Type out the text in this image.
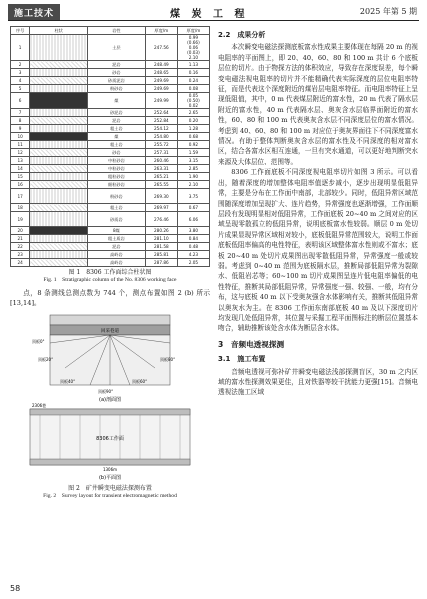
施工技术	煤 炭 工 程	2025 年第 5 期
序号	柱状	岩性	厚度/m	厚度/m
1		土层	247.56	0.99
(0.66)
0.06
(0.03)
2.10
2		泥岩	248.49	1.13
3		砂岩	248.65	0.16
4		砂质泥岩	249.69	0.24
5		粉砂岩	249.69	0.08
6		煤	249.99	0.05
(0.50)
0.02
7		砂泥岩	252.64	2.65
8		泥岩	252.84	0.20
9		粗土岩	254.12	1.28
10		煤	254.80	0.68
11		粗土岩	255.72	0.92
12		砂岩	257.31	1.59
13		中粒砂岩	260.46	3.15
14		中粒砂岩	263.31	2.85
15		粗粒砂岩	265.21	1.90
16		细粒砂岩	265.55	2.10
17		粉砂岩	269.30	3.75
18		粗土岩	269.97	0.67
19		砂质岩	276.46	6.06
20		8煤	280.26	3.80
21		粗土质岩	281.10	0.84
22		泥岩	281.58	0.48
23		高岭岩	285.81	4.23
24		高岭岩	287.86	2.05
图 1　8306 工作面综合柱状图
Fig. 1　Stratigraphic column of the No. 8306 working face

点，8 条测线总测点数为 744 个，测点布置如图 2 (b) 所示[13,14]。

回采巷道
顶板0°
顶板20°
顶板40°	顶板60°
顶板80°
顶板90°
(a)剖面图
8306工作面
2306巷
1306m
(b)平面图
图 2　矿井瞬变电磁法探测布置
Fig. 2　Survey layout for transient electromagnetic method
2.2　成果分析

本次瞬变电磁法探测底板富水性成果主要体现在每隔 20 m 的视电阻率的平面图上，即 20、40、60、80 和 100 m 共计 6 个底板层位的切片。由于物探方法的体积效应，导致存在深度误差，每个瞬变电磁法视电阻率的切片并不能精确代表实际深度的层位电阻率特征，而是代表这个深度附近的煤岩层电阻率特征。而电阻率特征上呈现低阻值，其中，0 m 代表煤层附近的富水性，20 m 代表了隔水层附近的富水性，40 m 代表隔水层、奥灰含水层临界面附近的富水性，60、80 和 100 m 代表奥灰含水层不同深度层位的富水情况。考虑到 40、60、80 和 100 m 对应位于奥灰界面往下不同深度富水情况。有助于整体判断奥灰含水层的富水性及不同深度的相对富水区，结合各富水区相互连通，一旦有突水通道，可以更好地判断突水来源及大体层位、范围等。

8306 工作面底板不同深度视电阻率切片如图 3 所示。可以看出，随着深度的增加整体电阻率值逐步减小，逐步出现明显低阻异常，主要是分布在工作面中南部，北部较少。同时，低阻异常区域范围随深度增加呈现扩大、连片趋势，异常强度也逐渐增强，工作面顺层段有发现明显相对低阻异常，工作面底板 20~40 m 之间对应的区域呈现零散孤立的低阻异常，说明底板富水性较弱。顺层 0 m 处切片成果显现异常区域相对较小，底板低阻异常范围较大，说明工作面底板低阻率偏高的电性特征，表明该区域整体富水性则或不富水；底板 20~40 m 处切片成果图出现零散低阻异常，异常强度一般或较弱。考虑到 0~40 m 范围为底板隔水层，推断局部低阻异常为裂隙水、低阻岩芯等；60~100 m 切片成果图呈连片低电阻率偏低的电性特征，推断其局部低阻异常，异常强度一强、较强、一般，均有分布，这与底板 40 m 以下受奥灰强含水体影响有关，推断其低阻异常以奥灰水为主。在 8306 工作面东南部底板 40 m 及以下深度切片均发现几处低阻异常，其位置与采掘工程平面图标注的断层位置基本吻合，辅助推断该处含水体为断层含水体。

3　音频电透视探测
3.1　施工布置

音频电透视可弥补矿井瞬变电磁法浅部探测盲区，30 m 之内区域的富水性探测效果更佳，且对铁器等较干扰能力更强[15]。音频电透视法施工区域

58
